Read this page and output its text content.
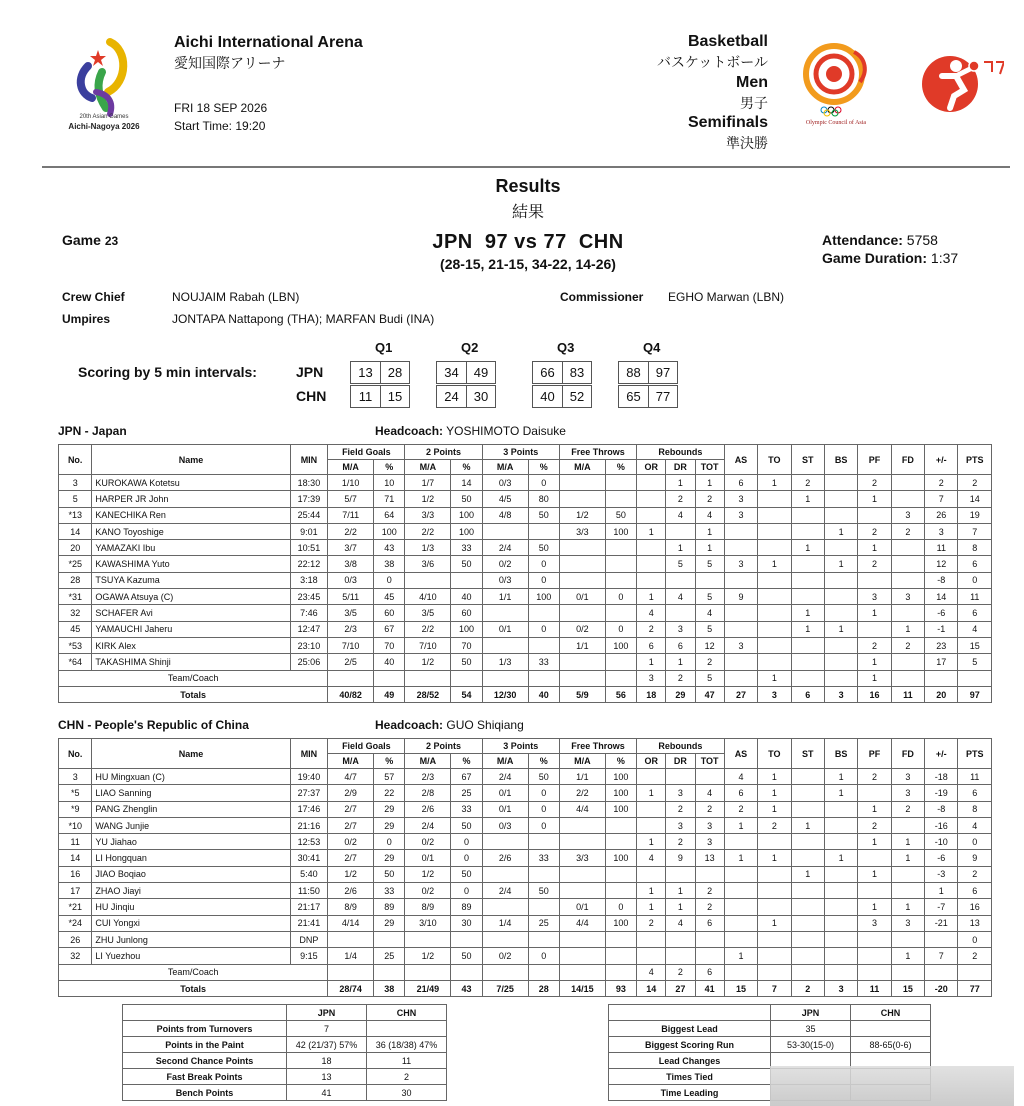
20th Asian Games
Aichi-Nagoya 2026
Aichi International Arena
愛知国際アリーナ
FRI 18 SEP 2026
Start Time: 19:20
Basketball
バスケットボール
Men
男子
Semifinals
準決勝
Olympic Council of Asia
Results
結果
Game 23	JPN  97 vs 77  CHN
(28-15, 21-15, 34-22, 14-26)
Attendance: 5758
Game Duration: 1:37
Crew Chief	NOUJAIM Rabah (LBN)
Umpires	JONTAPA Nattapong (THA); MARFAN Budi (INA)
Commissioner EGHO Marwan (LBN)
Scoring by 5 min intervals:
Q1	Q2	Q3	Q4
JPN
CHN
13	28	34	49	66	83	88	97
11	15	24	30	40	52	65	77
JPN - Japan	Headcoach: YOSHIMOTO Daisuke
No.	Name	MIN	Field Goals		2 Points		3 Points		Free Throws		Rebounds			AS	TO	ST	BS	PF	FD	+/-	PTS
			M/A	%	M/A	%	M/A	%	M/A	%	OR	DR	TOT								
3	KUROKAWA Kotetsu	18:30	1/10	10	1/7	14	0/3	0				1	1	6	1	2		2		2	2
5	HARPER JR John	17:39	5/7	71	1/2	50	4/5	80				2	2	3		1		1		7	14
*13	KANECHIKA Ren	25:44	7/11	64	3/3	100	4/8	50	1/2	50		4	4	3					3	26	19
14	KANO Toyoshige	9:01	2/2	100	2/2	100			3/3	100	1		1				1	2	2	3	7
20	YAMAZAKI Ibu	10:51	3/7	43	1/3	33	2/4	50				1	1			1		1		11	8
*25	KAWASHIMA Yuto	22:12	3/8	38	3/6	50	0/2	0				5	5	3	1		1	2		12	6
28	TSUYA Kazuma	3:18	0/3	0			0/3	0												-8	0
*31	OGAWA Atsuya (C)	23:45	5/11	45	4/10	40	1/1	100	0/1	0	1	4	5	9				3	3	14	11
32	SCHAFER Avi	7:46	3/5	60	3/5	60					4		4			1		1		-6	6
45	YAMAUCHI Jaheru	12:47	2/3	67	2/2	100	0/1	0	0/2	0	2	3	5			1	1		1	-1	4
*53	KIRK Alex	23:10	7/10	70	7/10	70			1/1	100	6	6	12	3				2	2	23	15
*64	TAKASHIMA Shinji	25:06	2/5	40	1/2	50	1/3	33			1	1	2					1		17	5
Team/Coach											3	2	5		1			1			
Totals			40/82	49	28/52	54	12/30	40	5/9	56	18	29	47	27	3	6	3	16	11	20	97
CHN - People's Republic of China	Headcoach: GUO Shiqiang
No.	Name	MIN	Field Goals		2 Points		3 Points		Free Throws		Rebounds			AS	TO	ST	BS	PF	FD	+/-	PTS
			M/A	%	M/A	%	M/A	%	M/A	%	OR	DR	TOT								
3	HU Mingxuan (C)	19:40	4/7	57	2/3	67	2/4	50	1/1	100				4	1		1	2	3	-18	11
*5	LIAO Sanning	27:37	2/9	22	2/8	25	0/1	0	2/2	100	1	3	4	6	1		1		3	-19	6
*9	PANG Zhenglin	17:46	2/7	29	2/6	33	0/1	0	4/4	100		2	2	2	1			1	2	-8	8
*10	WANG Junjie	21:16	2/7	29	2/4	50	0/3	0				3	3	1	2	1		2		-16	4
11	YU Jiahao	12:53	0/2	0	0/2	0					1	2	3					1	1	-10	0
14	LI Hongquan	30:41	2/7	29	0/1	0	2/6	33	3/3	100	4	9	13	1	1		1		1	-6	9
16	JIAO Boqiao	5:40	1/2	50	1/2	50										1		1		-3	2
17	ZHAO Jiayi	11:50	2/6	33	0/2	0	2/4	50			1	1	2							1	6
*21	HU Jinqiu	21:17	8/9	89	8/9	89			0/1	0	1	1	2					1	1	-7	16
*24	CUI Yongxi	21:41	4/14	29	3/10	30	1/4	25	4/4	100	2	4	6		1			3	3	-21	13
26	ZHU Junlong	DNP																			0
32	LI Yuezhou	9:15	1/4	25	1/2	50	0/2	0						1					1	7	2
Team/Coach											4	2	6								
Totals			28/74	38	21/49	43	7/25	28	14/15	93	14	27	41	15	7	2	3	11	15	-20	77
	JPN	CHN
Points from Turnovers	7	
Points in the Paint	42 (21/37) 57%	36 (18/38) 47%
Second Chance Points	18	11
Fast Break Points	13	2
Bench Points	41	30
	JPN	CHN
Biggest Lead	35	
Biggest Scoring Run	53-30(15-0)	88-65(0-6)
Lead Changes		
Times Tied		
Time Leading		
